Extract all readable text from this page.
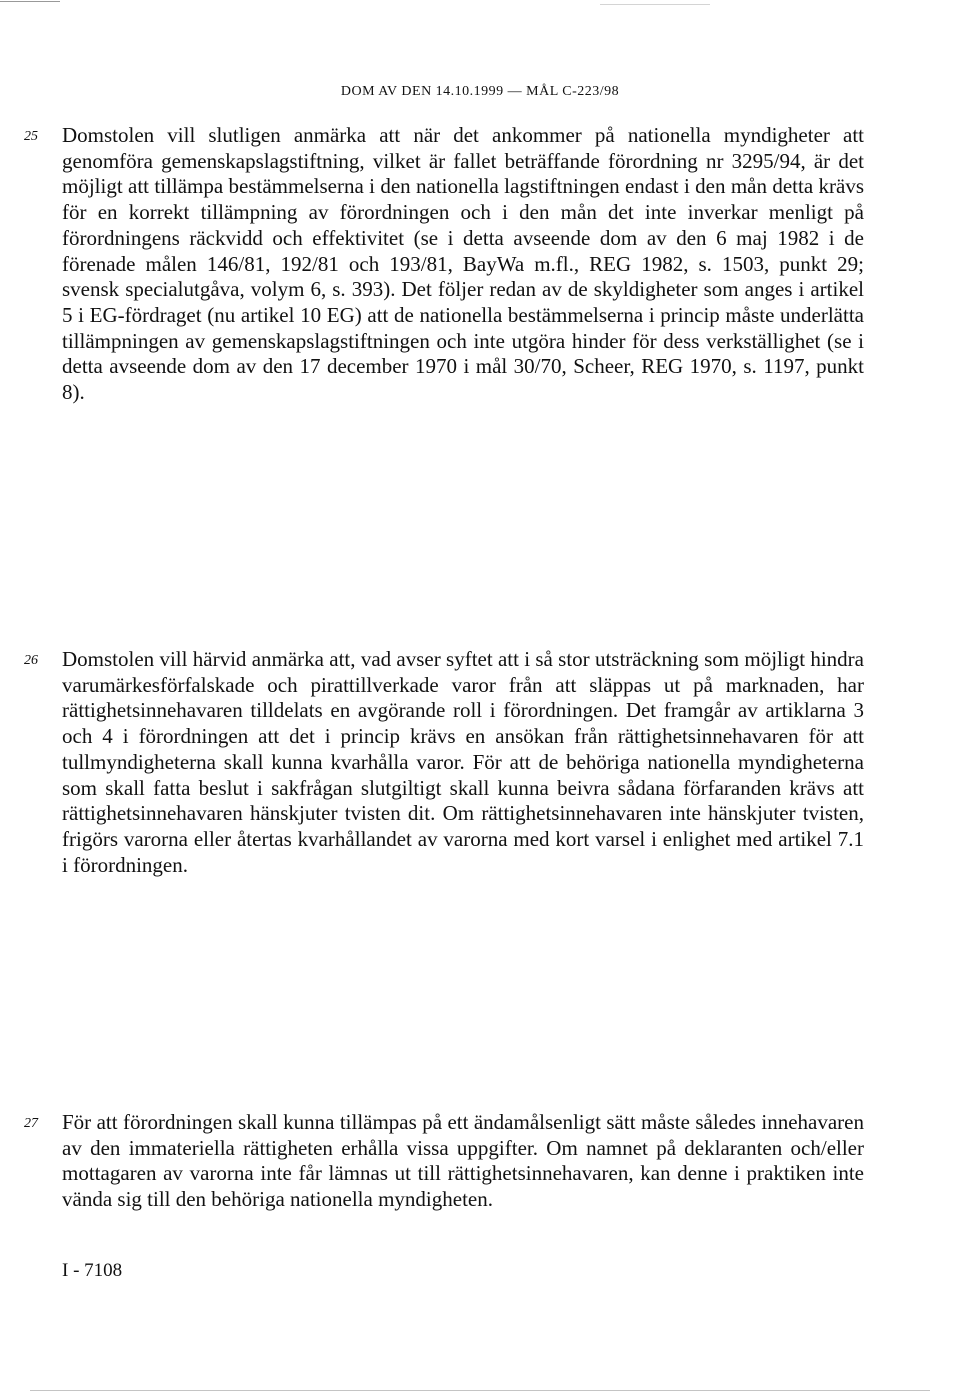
DOM AV DEN 14.10.1999 — MÅL C-223/98
25 Domstolen vill slutligen anmärka att när det ankommer på nationella myndigheter att genomföra gemenskapslagstiftning, vilket är fallet beträffande förordning nr 3295/94, är det möjligt att tillämpa bestämmelserna i den nationella lagstiftningen endast i den mån detta krävs för en korrekt tillämpning av förordningen och i den mån det inte inverkar menligt på förordningens räckvidd och effektivitet (se i detta avseende dom av den 6 maj 1982 i de förenade målen 146/81, 192/81 och 193/81, BayWa m.fl., REG 1982, s. 1503, punkt 29; svensk specialutgåva, volym 6, s. 393). Det följer redan av de skyldigheter som anges i artikel 5 i EG-fördraget (nu artikel 10 EG) att de nationella bestämmelserna i princip måste underlätta tillämpningen av gemenskapslagstiftningen och inte utgöra hinder för dess verkställighet (se i detta avseende dom av den 17 december 1970 i mål 30/70, Scheer, REG 1970, s. 1197, punkt 8).
26 Domstolen vill härvid anmärka att, vad avser syftet att i så stor utsträckning som möjligt hindra varumärkesförfalskade och pirattillverkade varor från att släppas ut på marknaden, har rättighetsinnehavaren tilldelats en avgörande roll i förordningen. Det framgår av artiklarna 3 och 4 i förordningen att det i princip krävs en ansökan från rättighetsinnehavaren för att tullmyndigheterna skall kunna kvarhålla varor. För att de behöriga nationella myndigheterna som skall fatta beslut i sakfrågan slutgiltigt skall kunna beivra sådana förfaranden krävs att rättighetsinnehavaren hänskjuter tvisten dit. Om rättighetsinnehavaren inte hänskjuter tvisten, frigörs varorna eller återtas kvarhållandet av varorna med kort varsel i enlighet med artikel 7.1 i förordningen.
27 För att förordningen skall kunna tillämpas på ett ändamålsenligt sätt måste således innehavaren av den immateriella rättigheten erhålla vissa uppgifter. Om namnet på deklaranten och/eller mottagaren av varorna inte får lämnas ut till rättighetsinnehavaren, kan denne i praktiken inte vända sig till den behöriga nationella myndigheten.
I - 7108
